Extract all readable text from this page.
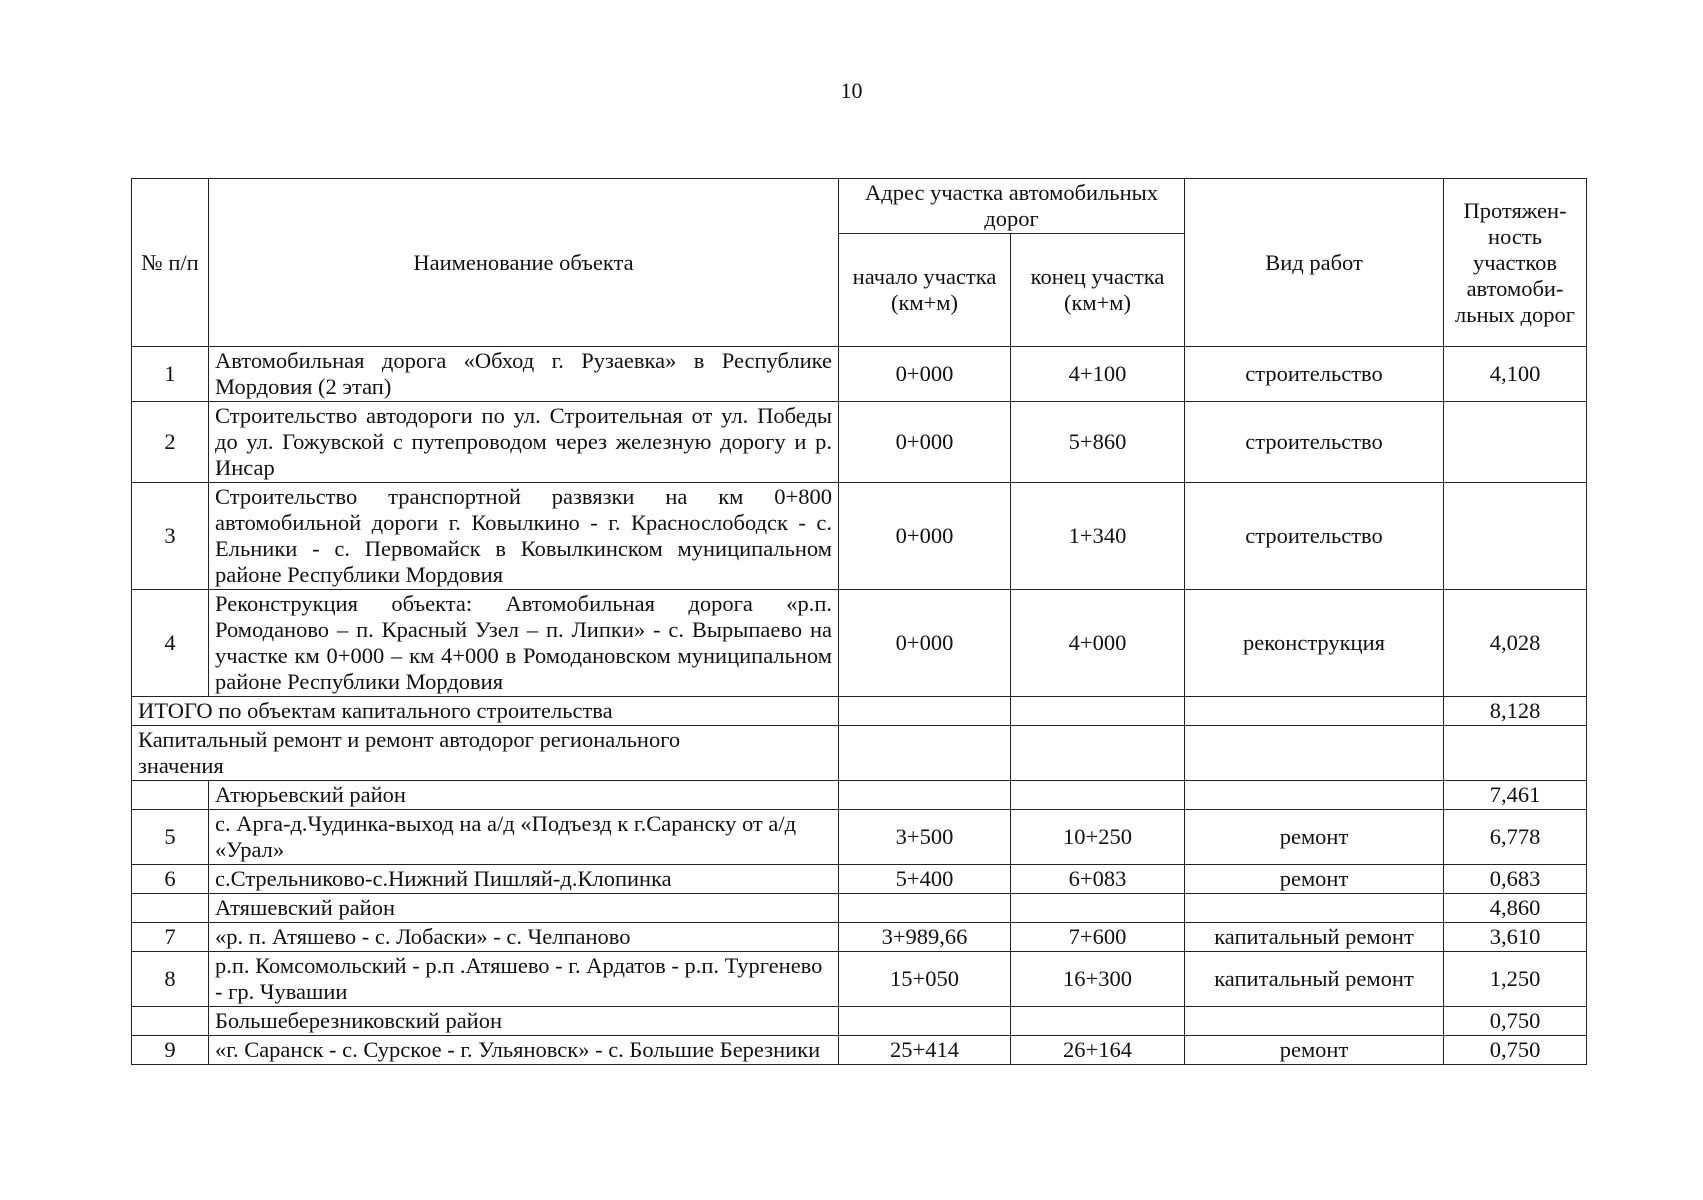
10
№ п/п	Наименование объекта	Адрес участка автомобильных дорог		Вид работ	Протяжен-ность участков автомоби-льных дорог
		начало участка (км+м)	конец участка (км+м)		
1	Автомобильная дорога «Обход г. Рузаевка» в Республике Мордовия (2 этап)	0+000	4+100	строительство	4,100
2	Строительство автодороги по ул. Строительная от ул. Победы до ул. Гожувской с путепроводом через железную дорогу и р. Инсар	0+000	5+860	строительство	
3	Строительство транспортной развязки на км 0+800 автомобильной дороги г. Ковылкино - г. Краснослободск - с. Ельники - с. Первомайск в Ковылкинском муниципальном районе Республики Мордовия	0+000	1+340	строительство	
4	Реконструкция объекта: Автомобильная дорога «р.п. Ромоданово – п. Красный Узел – п. Липки» - с. Вырыпаево на участке км 0+000 – км 4+000 в Ромодановском муниципальном районе Республики Мордовия	0+000	4+000	реконструкция	4,028
ИТОГО по объектам капитального строительства					8,128

Капитальный ремонт и ремонт автодорог регионального значения					

	Атюрьевский район				7,461
5	с. Арга-д.Чудинка-выход на а/д «Подъезд к г.Саранску от а/д «Урал»	3+500	10+250	ремонт	6,778
6	с.Стрельниково-с.Нижний Пишляй-д.Клопинка	5+400	6+083	ремонт	0,683
	Атяшевский район				4,860
7	«р. п. Атяшево - с. Лобаски» - с. Челпаново	3+989,66	7+600	капитальный ремонт	3,610
8	р.п. Комсомольский - р.п .Атяшево - г. Ардатов - р.п. Тургенево - гр. Чувашии	15+050	16+300	капитальный ремонт	1,250
	Большеберезниковский район				0,750
9	«г. Саранск - с. Сурское - г. Ульяновск» - с. Большие Березники	25+414	26+164	ремонт	0,750
